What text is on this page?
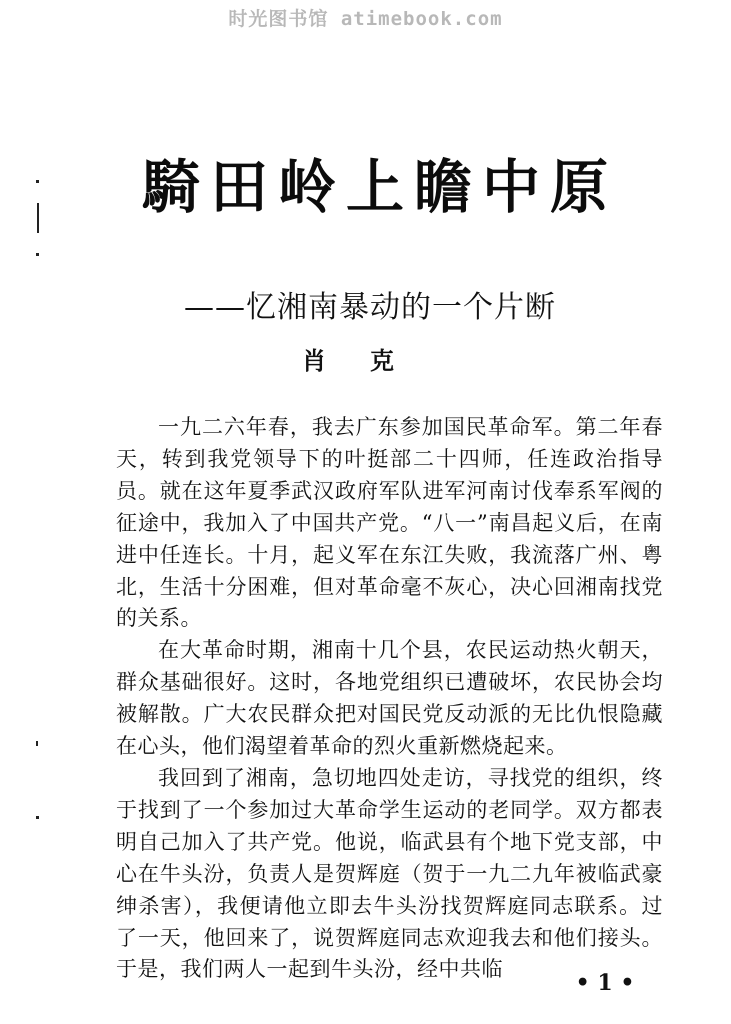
时光图书馆 atimebook.com
騎田岭上瞻中原
——忆湘南暴动的一个片断
肖克

一九二六年春，我去广东参加国民革命军。第二年春天，转到我党领导下的叶挺部二十四师，任连政治指导员。就在这年夏季武汉政府军队进军河南讨伐奉系军阀的征途中，我加入了中国共产党。“八一”南昌起义后，在南进中任连长。十月，起义军在东江失败，我流落广州、粤北，生活十分困难，但对革命毫不灰心，决心回湘南找党的关系。

在大革命时期，湘南十几个县，农民运动热火朝天，群众基础很好。这时，各地党组织已遭破坏，农民协会均被解散。广大农民群众把对国民党反动派的无比仇恨隐藏在心头，他们渴望着革命的烈火重新燃烧起来。

我回到了湘南，急切地四处走访，寻找党的组织，终于找到了一个参加过大革命学生运动的老同学。双方都表明自己加入了共产党。他说，临武县有个地下党支部，中心在牛头汾，负责人是贺辉庭（贺于一九二九年被临武豪绅杀害），我便请他立即去牛头汾找贺辉庭同志联系。过了一天，他回来了，说贺辉庭同志欢迎我去和他们接头。于是，我们两人一起到牛头汾，经中共临

• 1 •
